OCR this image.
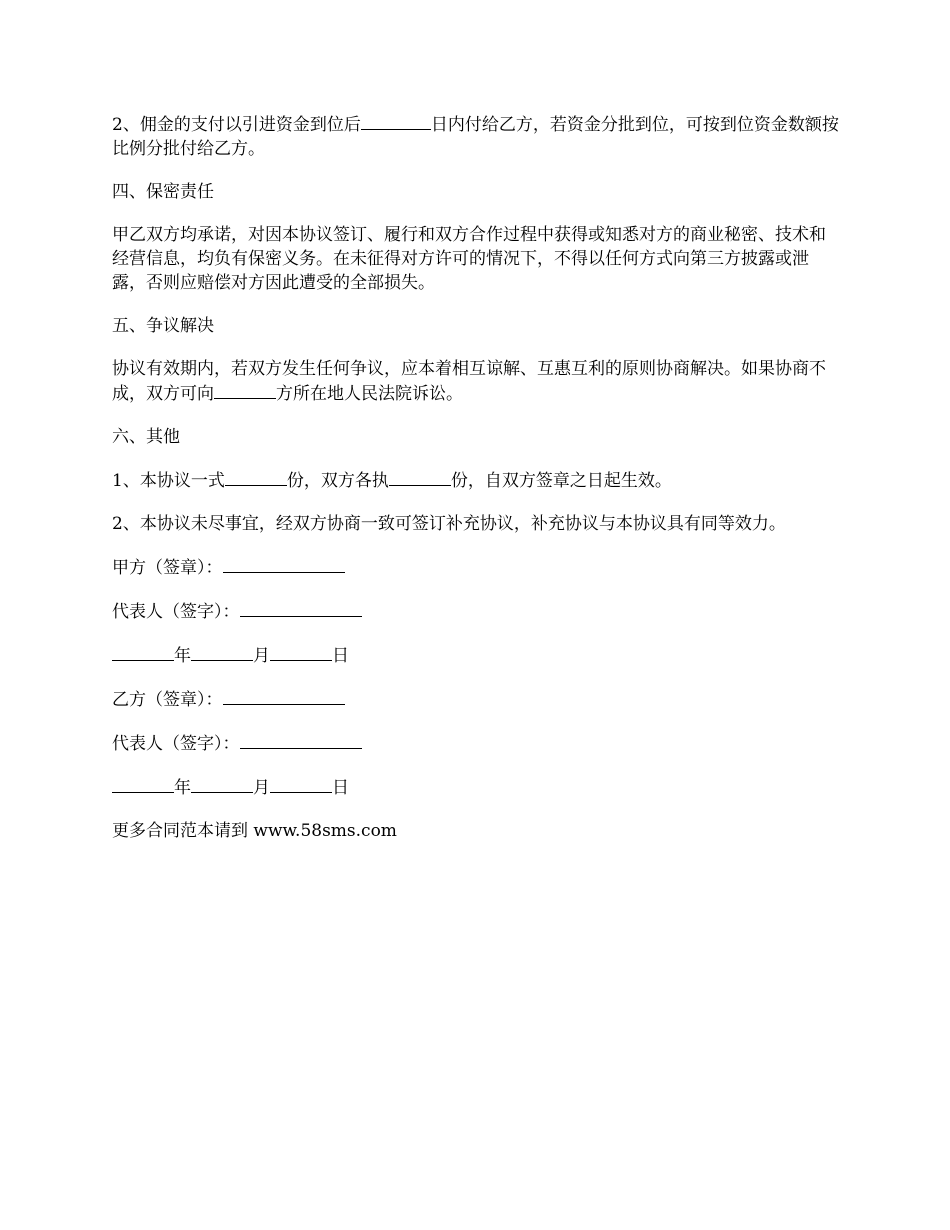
2、佣金的支付以引进资金到位后	日内付给乙方，若资金分批到位，可按到位资金数额按比例分批付给乙方。

四、保密责任

甲乙双方均承诺，对因本协议签订、履行和双方合作过程中获得或知悉对方的商业秘密、技术和经营信息，均负有保密义务。在未征得对方许可的情况下，不得以任何方式向第三方披露或泄露，否则应赔偿对方因此遭受的全部损失。

五、争议解决

协议有效期内，若双方发生任何争议，应本着相互谅解、互惠互利的原则协商解决。如果协商不成，双方可向	方所在地人民法院诉讼。

六、其他

1、本协议一式	份，双方各执	份，自双方签章之日起生效。

2、本协议未尽事宜，经双方协商一致可签订补充协议，补充协议与本协议具有同等效力。

甲方（签章）：

代表人（签字）：

年	月	日

乙方（签章）：

代表人（签字）：

年	月	日

更多合同范本请到 www.58sms.com
